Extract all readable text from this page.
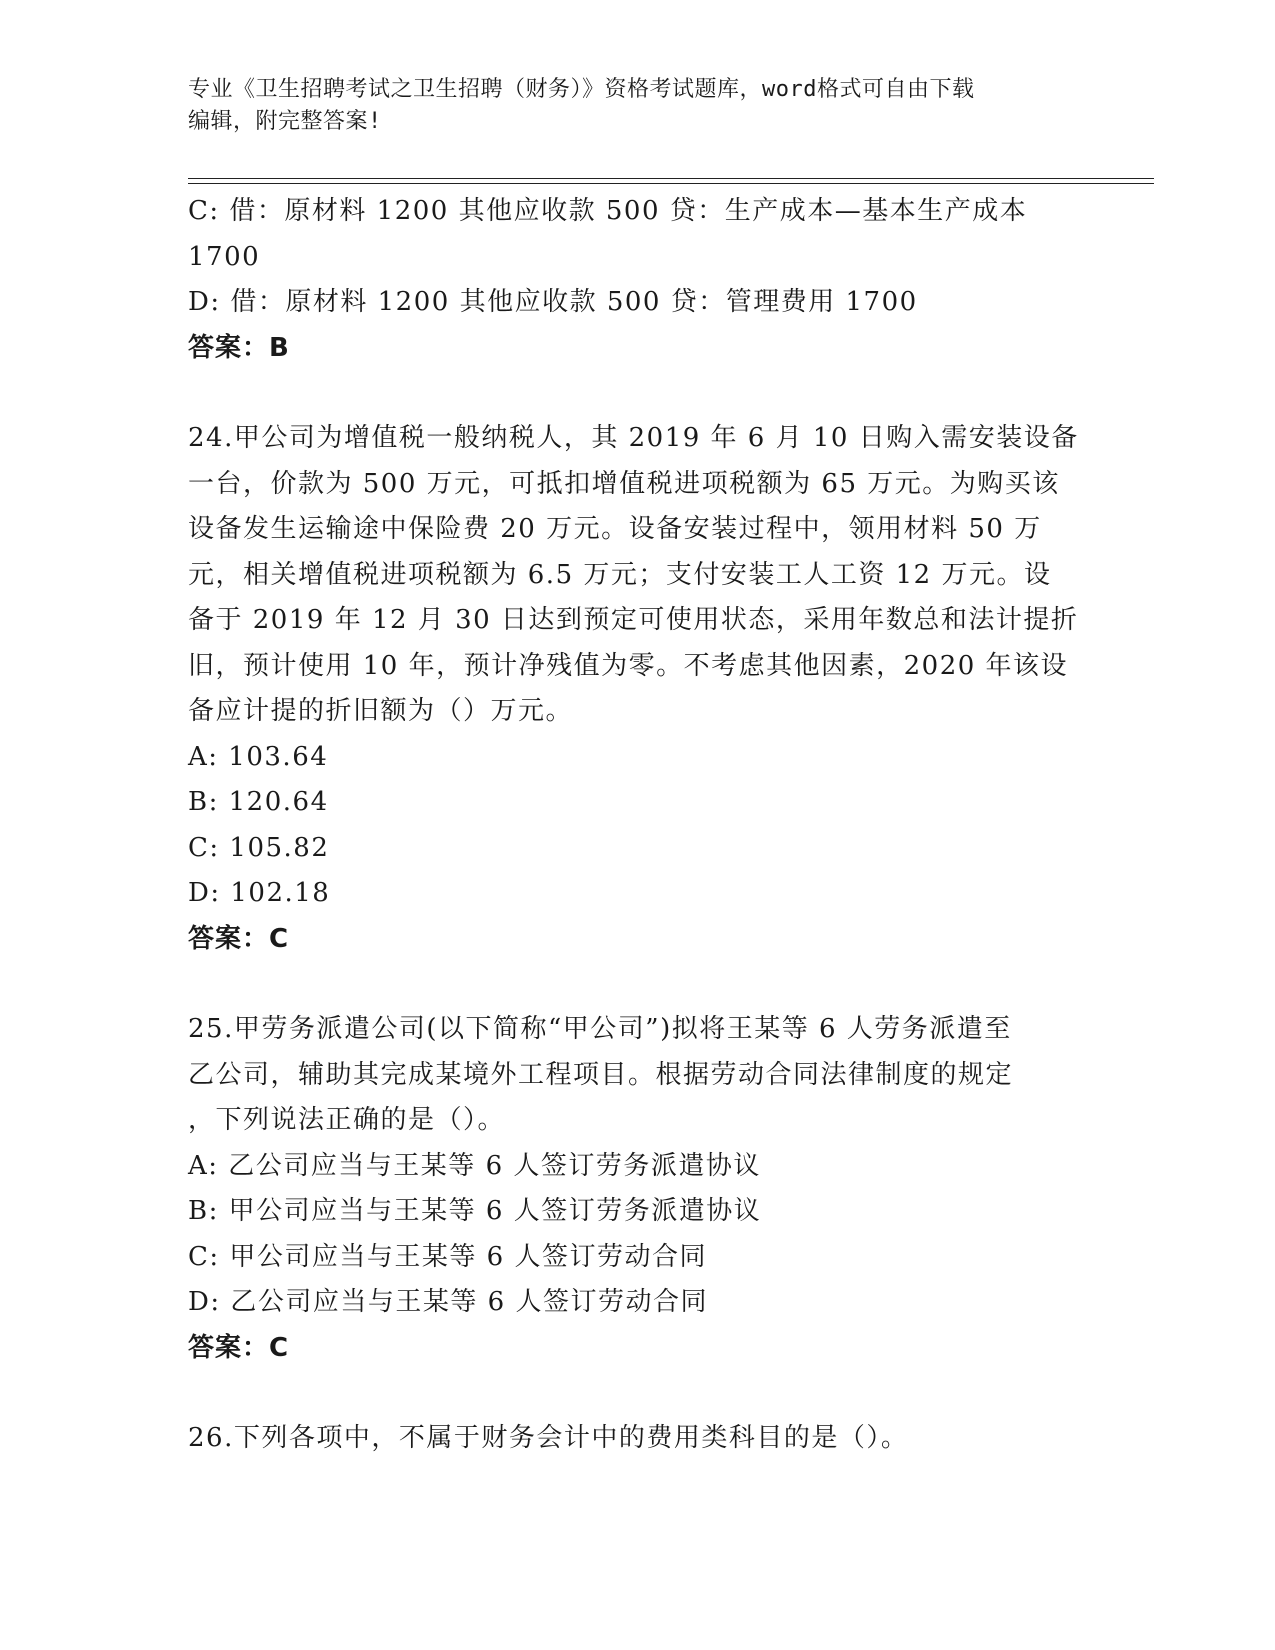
专业《卫生招聘考试之卫生招聘（财务）》资格考试题库，word格式可自由下载
编辑，附完整答案!
C: 借：原材料 1200 其他应收款 500 贷：生产成本—基本生产成本
1700
D: 借：原材料 1200 其他应收款 500 贷：管理费用 1700
答案：B
24.甲公司为增值税一般纳税人，其 2019 年 6 月 10 日购入需安装设备
一台，价款为 500 万元，可抵扣增值税进项税额为 65 万元。为购买该
设备发生运输途中保险费 20 万元。设备安装过程中，领用材料 50 万
元，相关增值税进项税额为 6.5 万元；支付安装工人工资 12 万元。设
备于 2019 年 12 月 30 日达到预定可使用状态，采用年数总和法计提折
旧，预计使用 10 年，预计净残值为零。不考虑其他因素，2020 年该设
备应计提的折旧额为（）万元。
A: 103.64
B: 120.64
C: 105.82
D: 102.18
答案：C
25.甲劳务派遣公司(以下简称“甲公司”)拟将王某等 6 人劳务派遣至
乙公司，辅助其完成某境外工程项目。根据劳动合同法律制度的规定
，下列说法正确的是（）。
A: 乙公司应当与王某等 6 人签订劳务派遣协议
B: 甲公司应当与王某等 6 人签订劳务派遣协议
C: 甲公司应当与王某等 6 人签订劳动合同
D: 乙公司应当与王某等 6 人签订劳动合同
答案：C
26.下列各项中，不属于财务会计中的费用类科目的是（）。
